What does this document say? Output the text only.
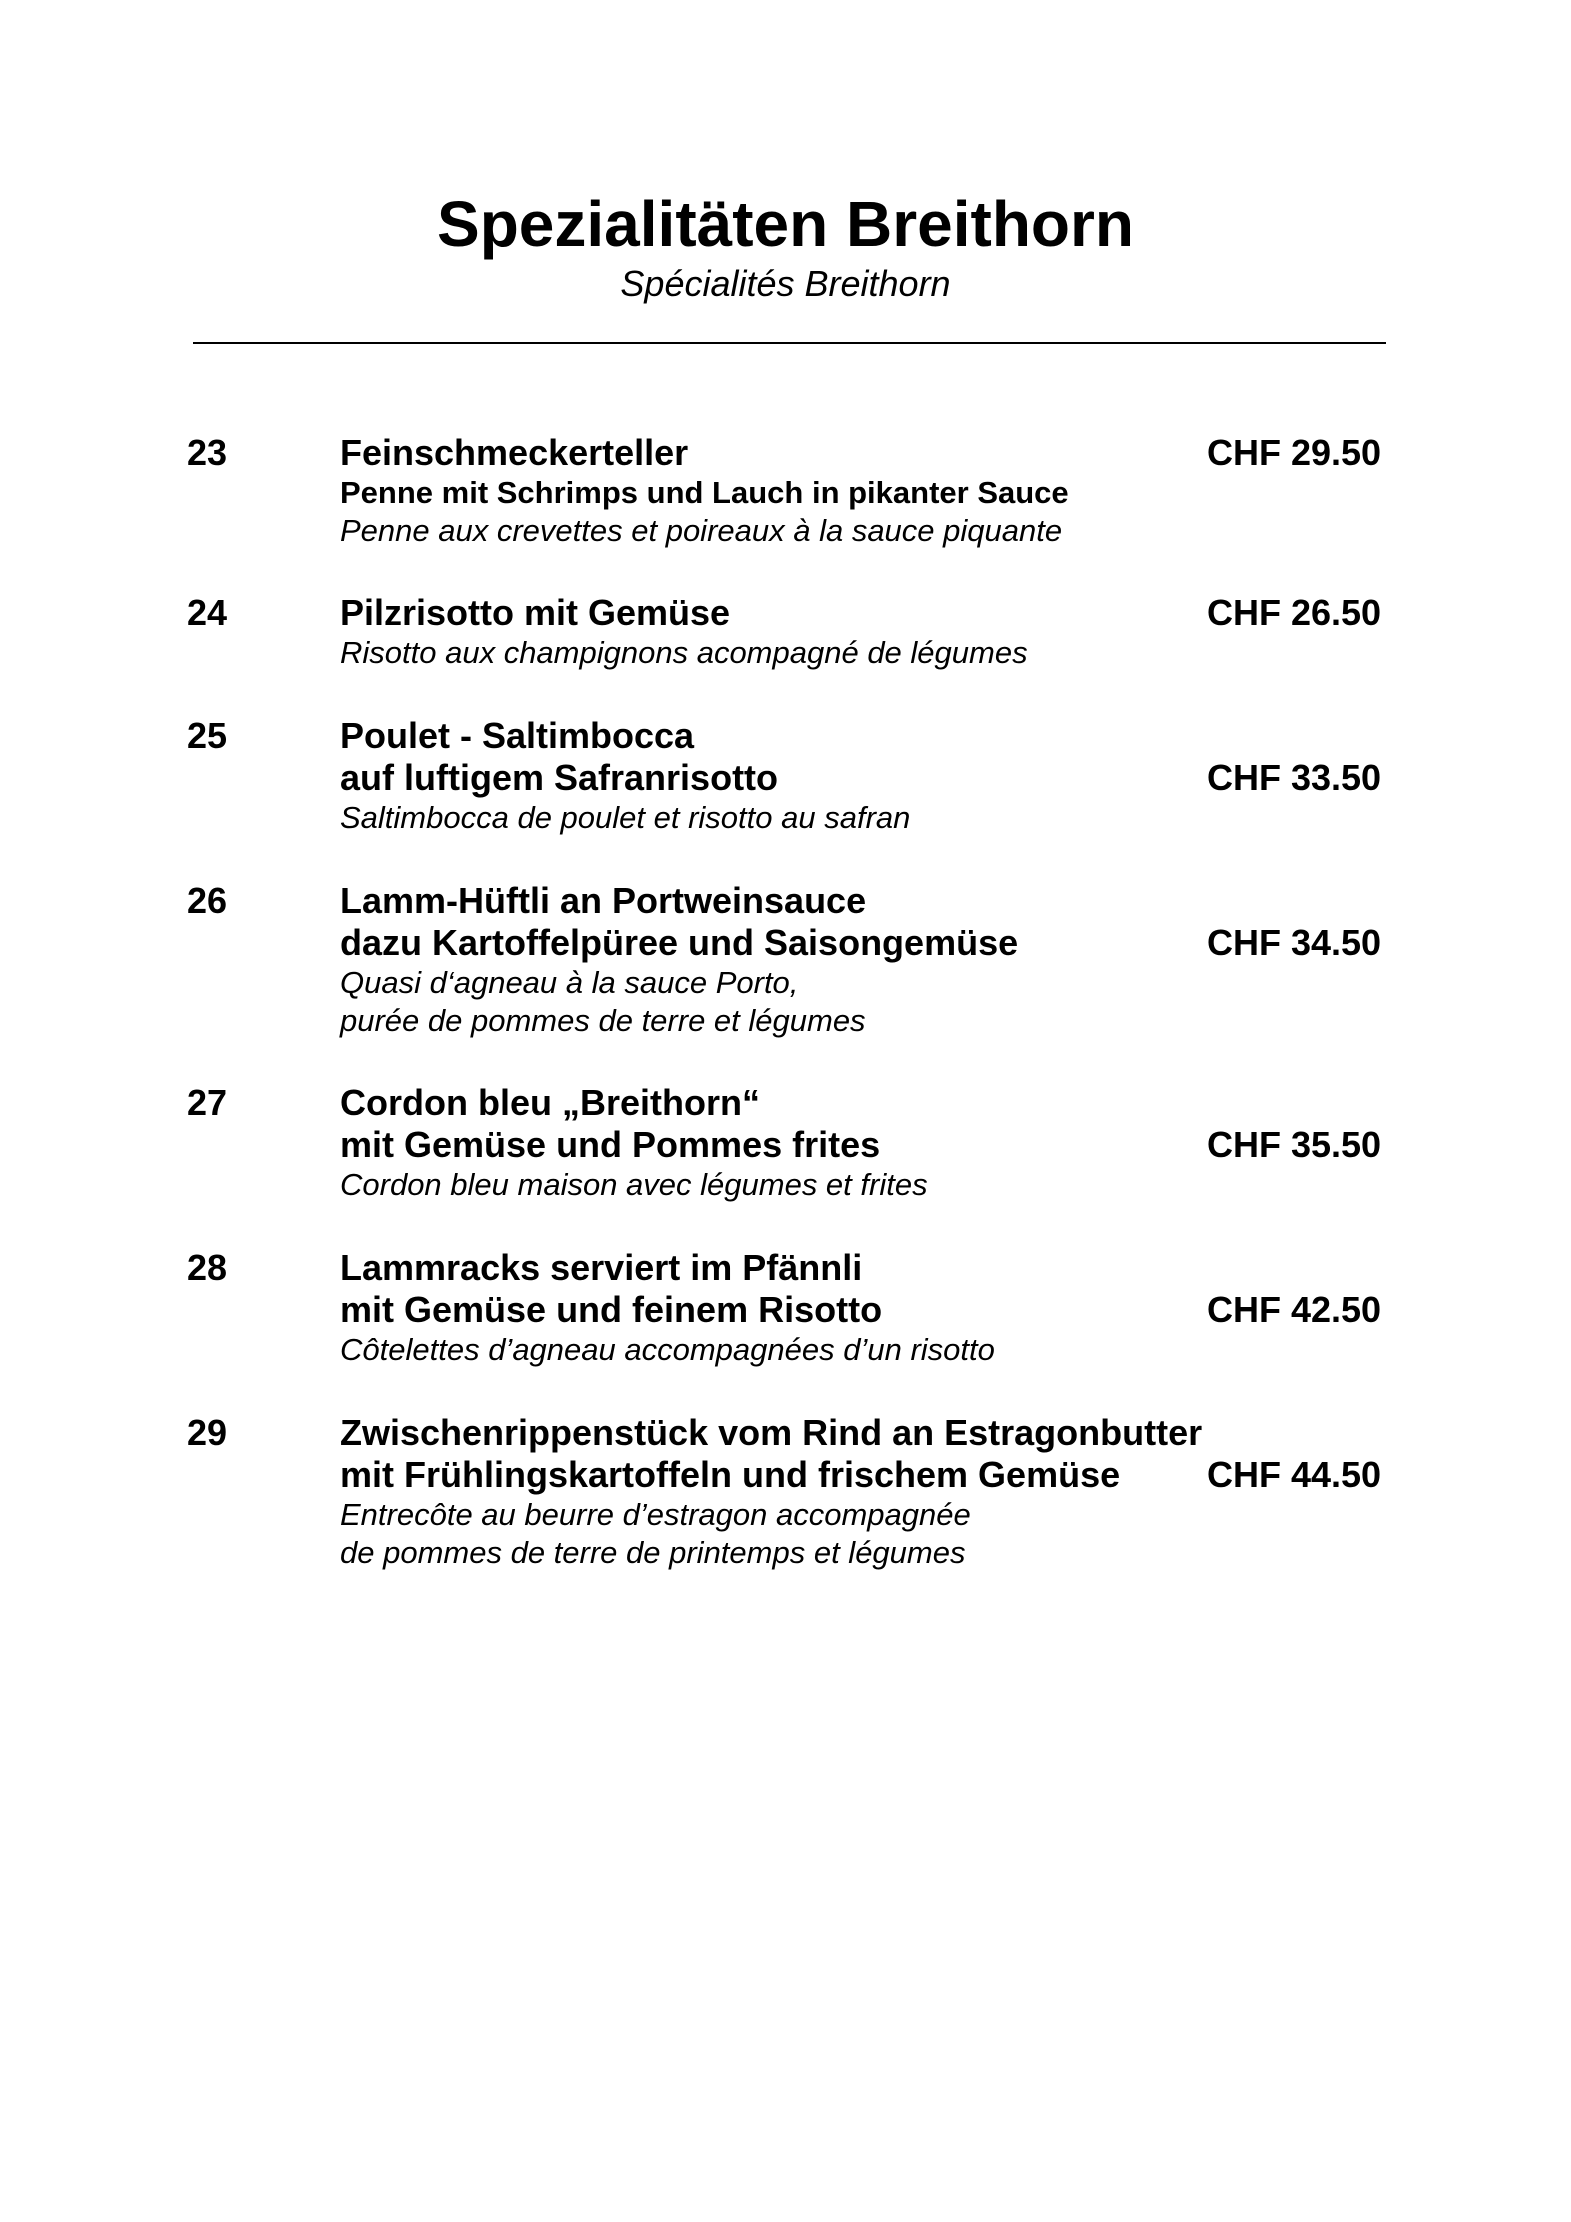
Spezialitäten Breithorn
Spécialités Breithorn
23	Feinschmeckerteller	CHF 29.50
Penne mit Schrimps und Lauch in pikanter Sauce
Penne aux crevettes et poireaux à la sauce piquante
24	Pilzrisotto mit Gemüse	CHF 26.50
Risotto aux champignons acompagné de légumes
25	Poulet - Saltimbocca
auf luftigem Safranrisotto	CHF 33.50
Saltimbocca de poulet et risotto au safran
26	Lamm-Hüftli an Portweinsauce
dazu Kartoffelpüree und Saisongemüse	CHF 34.50
Quasi d‘agneau à la sauce Porto,
purée de pommes de terre et légumes
27	Cordon bleu „Breithorn“
mit Gemüse und Pommes frites	CHF 35.50
Cordon bleu maison avec légumes et frites
28	Lammracks serviert im Pfännli
mit Gemüse und feinem Risotto	CHF 42.50
Côtelettes d’agneau accompagnées d’un risotto
29	Zwischenrippenstück vom Rind an Estragonbutter
mit Frühlingskartoffeln und frischem Gemüse CHF 44.50
Entrecôte au beurre d’estragon accompagnée
de pommes de terre de printemps et légumes
